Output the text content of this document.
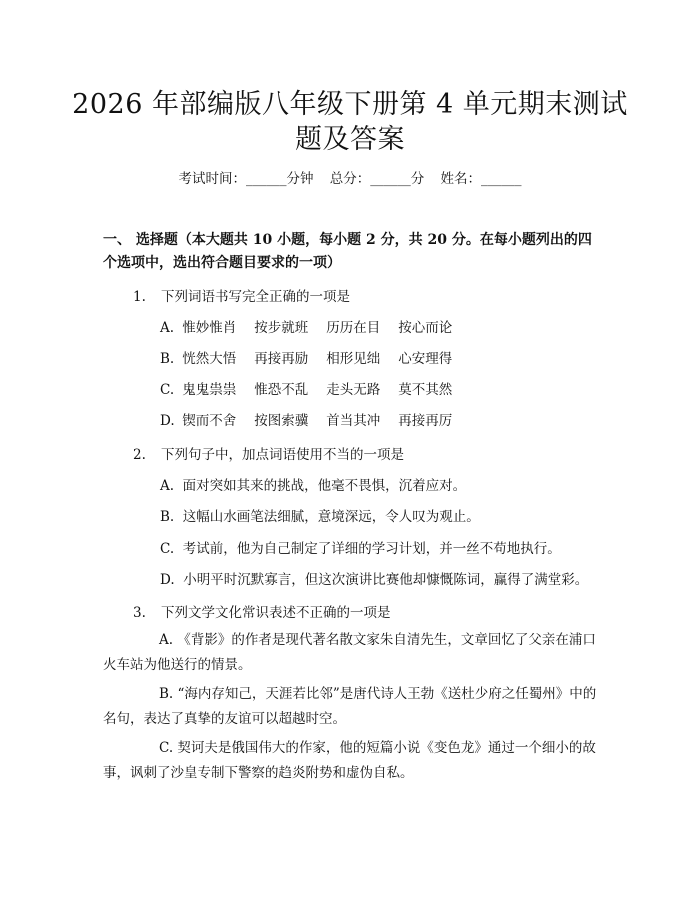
2026 年部编版八年级下册第 4 单元期末测试
题及答案
考试时间：______分钟 总分：______分 姓名：______
一、 选择题（本大题共 10 小题，每小题 2 分，共 20 分。在每小题列出的四个选项中，选出符合题目要求的一项）
1. 下列词语书写完全正确的一项是
A. 惟妙惟肖 按步就班 历历在目 按心而论
B. 恍然大悟 再接再励 相形见绌 心安理得
C. 鬼鬼祟祟 惟恐不乱 走头无路 莫不其然
D. 锲而不舍 按图索骥 首当其冲 再接再厉
2. 下列句子中，加点词语使用不当的一项是
A.  面对突如其来的挑战，他毫不畏惧，沉着应对。
B.  这幅山水画笔法细腻，意境深远，令人叹为观止。
C.  考试前，他为自己制定了详细的学习计划，并一丝不苟地执行。
D.  小明平时沉默寡言，但这次演讲比赛他却慷慨陈词，赢得了满堂彩。
3. 下列文学文化常识表述不正确的一项是
A. 《背影》的作者是现代著名散文家朱自清先生，文章回忆了父亲在浦口火车站为他送行的情景。
B. “海内存知己，天涯若比邻”是唐代诗人王勃《送杜少府之任蜀州》中的名句，表达了真挚的友谊可以超越时空。
C. 契诃夫是俄国伟大的作家，他的短篇小说《变色龙》通过一个细小的故事，讽刺了沙皇专制下警察的趋炎附势和虚伪自私。
